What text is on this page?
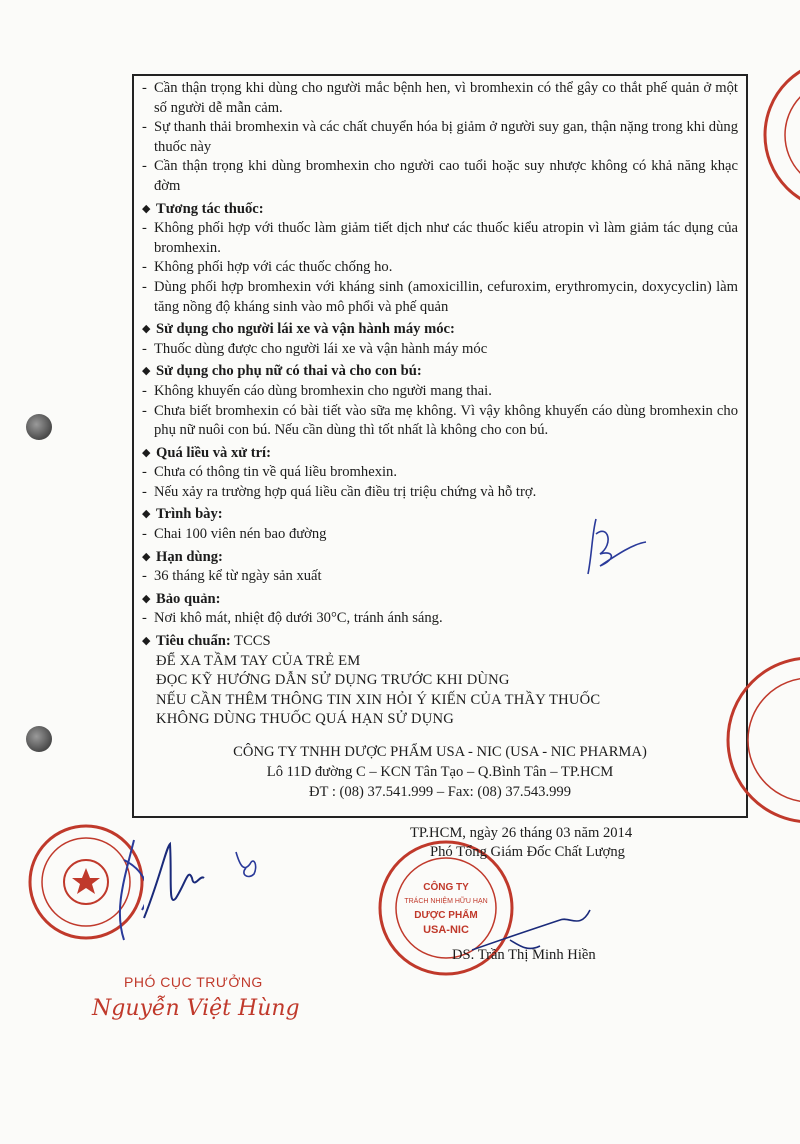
- Cần thận trọng khi dùng cho người mắc bệnh hen, vì bromhexin có thể gây co thắt phế quản ở một số người dễ mẫn cảm.
- Sự thanh thải bromhexin và các chất chuyển hóa bị giảm ở người suy gan, thận nặng trong khi dùng thuốc này
- Cần thận trọng khi dùng bromhexin cho người cao tuổi hoặc suy nhược không có khả năng khạc đờm
◆ Tương tác thuốc:
- Không phối hợp với thuốc làm giảm tiết dịch như các thuốc kiểu atropin vì làm giảm tác dụng của bromhexin.
- Không phối hợp với các thuốc chống ho.
- Dùng phối hợp bromhexin với kháng sinh (amoxicillin, cefuroxim, erythromycin, doxycyclin) làm tăng nồng độ kháng sinh vào mô phổi và phế quản
◆ Sử dụng cho người lái xe và vận hành máy móc:
- Thuốc dùng được cho người lái xe và vận hành máy móc
◆ Sử dụng cho phụ nữ có thai và cho con bú:
- Không khuyến cáo dùng bromhexin cho người mang thai.
- Chưa biết bromhexin có bài tiết vào sữa mẹ không. Vì vậy không khuyến cáo dùng bromhexin cho phụ nữ nuôi con bú. Nếu cần dùng thì tốt nhất là không cho con bú.
◆ Quá liều và xử trí:
- Chưa có thông tin về quá liều bromhexin.
- Nếu xảy ra trường hợp quá liều cần điều trị triệu chứng và hỗ trợ.
◆ Trình bày:
- Chai 100 viên nén bao đường
◆ Hạn dùng:
- 36 tháng kể từ ngày sản xuất
◆ Bảo quản:
- Nơi khô mát, nhiệt độ dưới 30°C, tránh ánh sáng.
◆ Tiêu chuẩn: TCCS
ĐỂ XA TẦM TAY CỦA TRẺ EM
ĐỌC KỸ HƯỚNG DẪN SỬ DỤNG TRƯỚC KHI DÙNG
NẾU CẦN THÊM THÔNG TIN XIN HỎI Ý KIẾN CỦA THẦY THUỐC
KHÔNG DÙNG THUỐC QUÁ HẠN SỬ DỤNG
CÔNG TY TNHH DƯỢC PHẨM USA - NIC (USA - NIC PHARMA)
Lô 11D đường C – KCN Tân Tạo – Q.Bình Tân – TP.HCM
ĐT : (08) 37.541.999 – Fax: (08) 37.543.999
PHÓ CỤC TRƯỞNG
Nguyễn Việt Hùng
CÔNG TY
TRÁCH NHIỆM HỮU HẠN
DƯỢC PHẨM
USA-NIC
TP.HCM, ngày 26 tháng 03 năm 2014
Phó Tổng Giám Đốc Chất Lượng
DS. Trần Thị Minh Hiền
